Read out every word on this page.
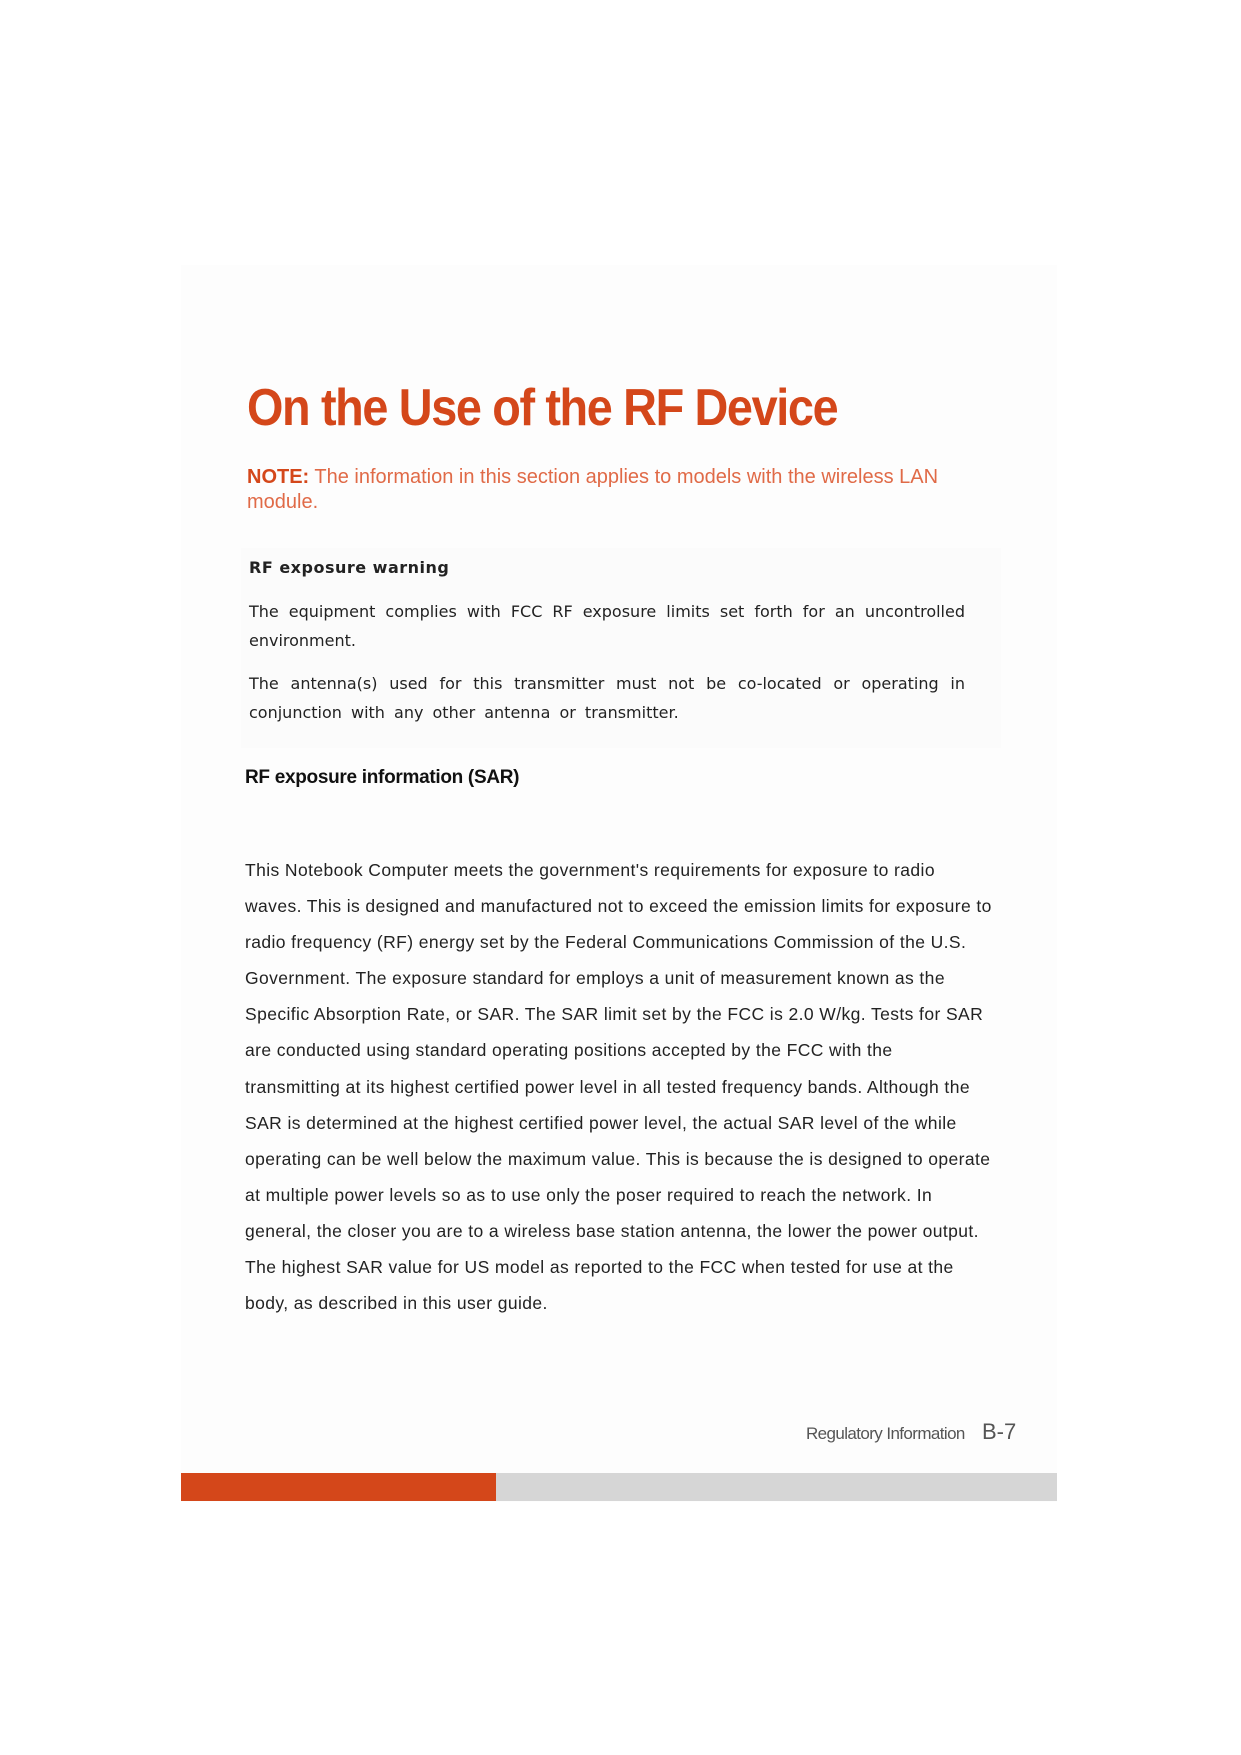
On the Use of the RF Device
NOTE: The information in this section applies to models with the wireless LAN module.
RF exposure warning

The equipment complies with FCC RF exposure limits set forth for an uncontrolled environment.

The antenna(s) used for this transmitter must not be co-located or operating in conjunction with any other antenna or transmitter.

RF exposure information (SAR)

This Notebook Computer meets the government's requirements for exposure to radio waves. This is designed and manufactured not to exceed the emission limits for exposure to radio frequency (RF) energy set by the Federal Communications Commission of the U.S. Government. The exposure standard for employs a unit of measurement known as the Specific Absorption Rate, or SAR. The SAR limit set by the FCC is 2.0 W/kg. Tests for SAR are conducted using standard operating positions accepted by the FCC with the transmitting at its highest certified power level in all tested frequency bands. Although the SAR is determined at the highest certified power level, the actual SAR level of the while operating can be well below the maximum value. This is because the is designed to operate at multiple power levels so as to use only the poser required to reach the network. In general, the closer you are to a wireless base station antenna, the lower the power output. The highest SAR value for US model as reported to the FCC when tested for use at the body, as described in this user guide.

Regulatory Information B-7
